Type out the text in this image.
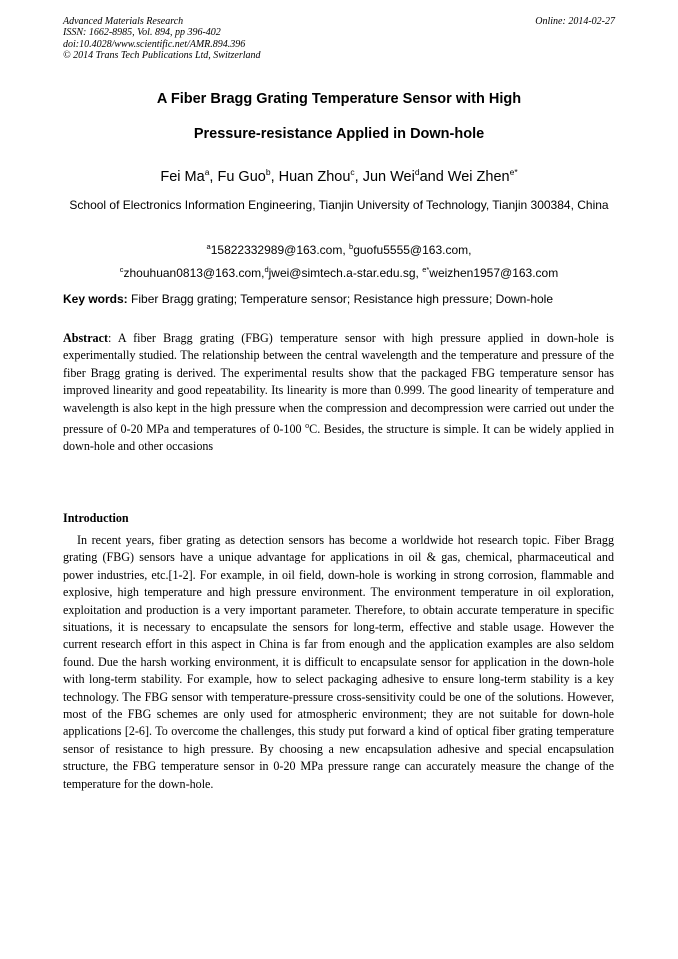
Advanced Materials Research
ISSN: 1662-8985, Vol. 894, pp 396-402
doi:10.4028/www.scientific.net/AMR.894.396
© 2014 Trans Tech Publications Ltd, Switzerland
Online: 2014-02-27
A Fiber Bragg Grating Temperature Sensor with High
Pressure-resistance Applied in Down-hole
Fei Ma$^a$, Fu Guo$^b$, Huan Zhou$^c$, Jun Wei$^d$and Wei Zhen$^{e*}$
School of Electronics Information Engineering, Tianjin University of Technology, Tianjin 300384, China
$^a$15822332989@163.com, $^b$guofu5555@163.com,
$^c$zhouhuan0813@163.com,$^d$jwei@simtech.a-star.edu.sg, $^{e*}$weizhen1957@163.com
Key words: Fiber Bragg grating; Temperature sensor; Resistance high pressure; Down-hole

Abstract: A fiber Bragg grating (FBG) temperature sensor with high pressure applied in down-hole is experimentally studied. The relationship between the central wavelength and the temperature and pressure of the fiber Bragg grating is derived. The experimental results show that the packaged FBG temperature sensor has improved linearity and good repeatability. Its linearity is more than 0.999. The good linearity of temperature and wavelength is also kept in the high pressure when the compression and decompression were carried out under the pressure of 0-20 MPa and temperatures of 0-100 $^o$C. Besides, the structure is simple. It can be widely applied in down-hole and other occasions

Introduction

In recent years, fiber grating as detection sensors has become a worldwide hot research topic. Fiber Bragg grating (FBG) sensors have a unique advantage for applications in oil & gas, chemical, pharmaceutical and power industries, etc.[1-2]. For example, in oil field, down-hole is working in strong corrosion, flammable and explosive, high temperature and high pressure environment. The environment temperature in oil exploration, exploitation and production is a very important parameter. Therefore, to obtain accurate temperature in specific situations, it is necessary to encapsulate the sensors for long-term, effective and stable usage. However the current research effort in this aspect in China is far from enough and the application examples are also seldom found. Due the harsh working environment, it is difficult to encapsulate sensor for application in the down-hole with long-term stability. For example, how to select packaging adhesive to ensure long-term stability is a key technology. The FBG sensor with temperature-pressure cross-sensitivity could be one of the solutions. However, most of the FBG schemes are only used for atmospheric environment; they are not suitable for down-hole applications [2-6]. To overcome the challenges, this study put forward a kind of optical fiber grating temperature sensor of resistance to high pressure. By choosing a new encapsulation adhesive and special encapsulation structure, the FBG temperature sensor in 0-20 MPa pressure range can accurately measure the change of the temperature for the down-hole.
